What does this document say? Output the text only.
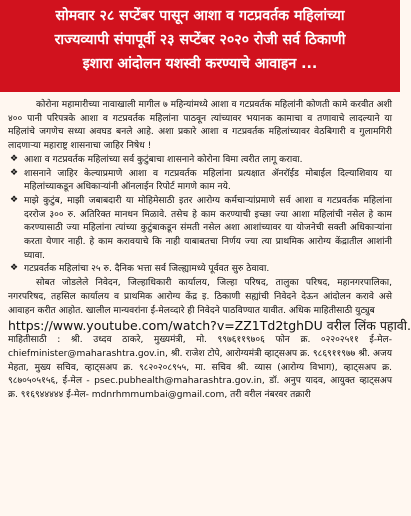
सोमवार २८ सप्टेंबर पासून आशा व गटप्रवर्तक महिलांच्या
राज्यव्यापी संपापूर्वी २३ सप्टेंबर २०२० रोजी सर्व ठिकाणी
इशारा आंदोलन यशस्वी करण्याचे आवाहन ...

कोरोना महामारीच्या नावाखाली मागील ७ महिन्यांमध्ये आशा व गटप्रवर्तक महिलांनी कोणती कामे करवीत अशी ४०० पानी परिपत्रके आशा व गटप्रवर्तक महिलांना पाठवून त्यांच्यावर भयानक कामाचा व तणावाचे लादल्याने या महिलांचे जगणेच सध्या अवघड बनले आहे. अशा प्रकारे आशा व गटप्रवर्तक महिलांच्यावर वेठबिगारी व गुलामगिरी लादणाऱ्या महाराष्ट्र शासनाचा जाहिर निषेध !

❖ आशा व गटप्रवर्तक महिलांच्या सर्व कुटुंबाचा शासनाने कोरोना विमा त्वरीत लागू करावा.
❖ शासनाने जाहिर केल्याप्रमाणे आशा व गटप्रवर्तक महिलांना प्रत्यक्षात ॲनरॉईड मोबाईल दिल्याशिवाय या महिलांच्याकडून अधिकाऱ्यांनी ऑनलाईन रिपोर्ट मागणे काम नये.
❖ माझे कुटुंब, माझी जबाबदारी या मोहिमेसाठी इतर आरोग्य कर्मचाऱ्यांप्रमाणे सर्व आशा व गटप्रवर्तक महिलांना दररोज ३०० रु. अतिरिक्त मानधन मिळावे. तसेच हे काम करण्याची इच्छा ज्या आशा महिलांची नसेल हे काम करण्यासाठी ज्या महिलांना त्यांच्या कुटुंबाकडून संमती नसेल अशा आशांच्यावर या योजनेची सक्ती अधिकाऱ्यांना करता येणार नाही. हे काम करावयाचे कि नाही याबाबतचा निर्णय ज्या त्या प्राथमिक आरोग्य केंद्रातील आशांनी घ्यावा.
❖ गटप्रवर्तक महिलांचा २५ रु. दैनिक भत्ता सर्व जिल्ह्यामध्ये पूर्ववत सुरु ठेवावा.

सोबत जोडलेले निवेदन, जिल्हाधिकारी कार्यालय, जिल्हा परिषद, तालुका परिषद, महानगरपालिका, नगरपरिषद, तहसिल कार्यालय व प्राथमिक आरोग्य केंद्र इ. ठिकाणी सह्यांची निवेदने देऊन आंदोलन करावे असे आवाहन करीत आहोत. खालील मान्यवरांना ई-मेलव्दारे ही निवेदने पाठविण्यात यावीत. अधिक माहितीसाठी युट्युब

https://www.youtube.com/watch?v=ZZ1Td2tghDU वरील लिंक पहावी.

माहितीसाठी : श्री. उध्दव ठाकरे, मुख्यमंत्री, मो. ९९७६११९७०६ फोन क्र. ०२२०२५११ ई-मेल- chiefminister@maharashtra.gov.in, श्री. राजेश टोपे, आरोग्यमंत्री व्हाट्सअप क्र. ९८६९११९७७ श्री. अजय मेहता, मुख्य सचिव, व्हाट्सअप क्र. ९८२०२०८९५५, मा. सचिव श्री. व्यास (आरोग्य विभाग), व्हाट्सअप क्र. ९८७०५०५१५६, ई-मेल - psec.pubhealth@maharashtra.gov.in, डॉ. अनुप यादव, आयुक्त व्हाट्सअप क्र. ९१६९४४४४४ ई-मेल- mdnrhmmumbai@gmail.com, तरी वरील नंबरवर तक्रारी
